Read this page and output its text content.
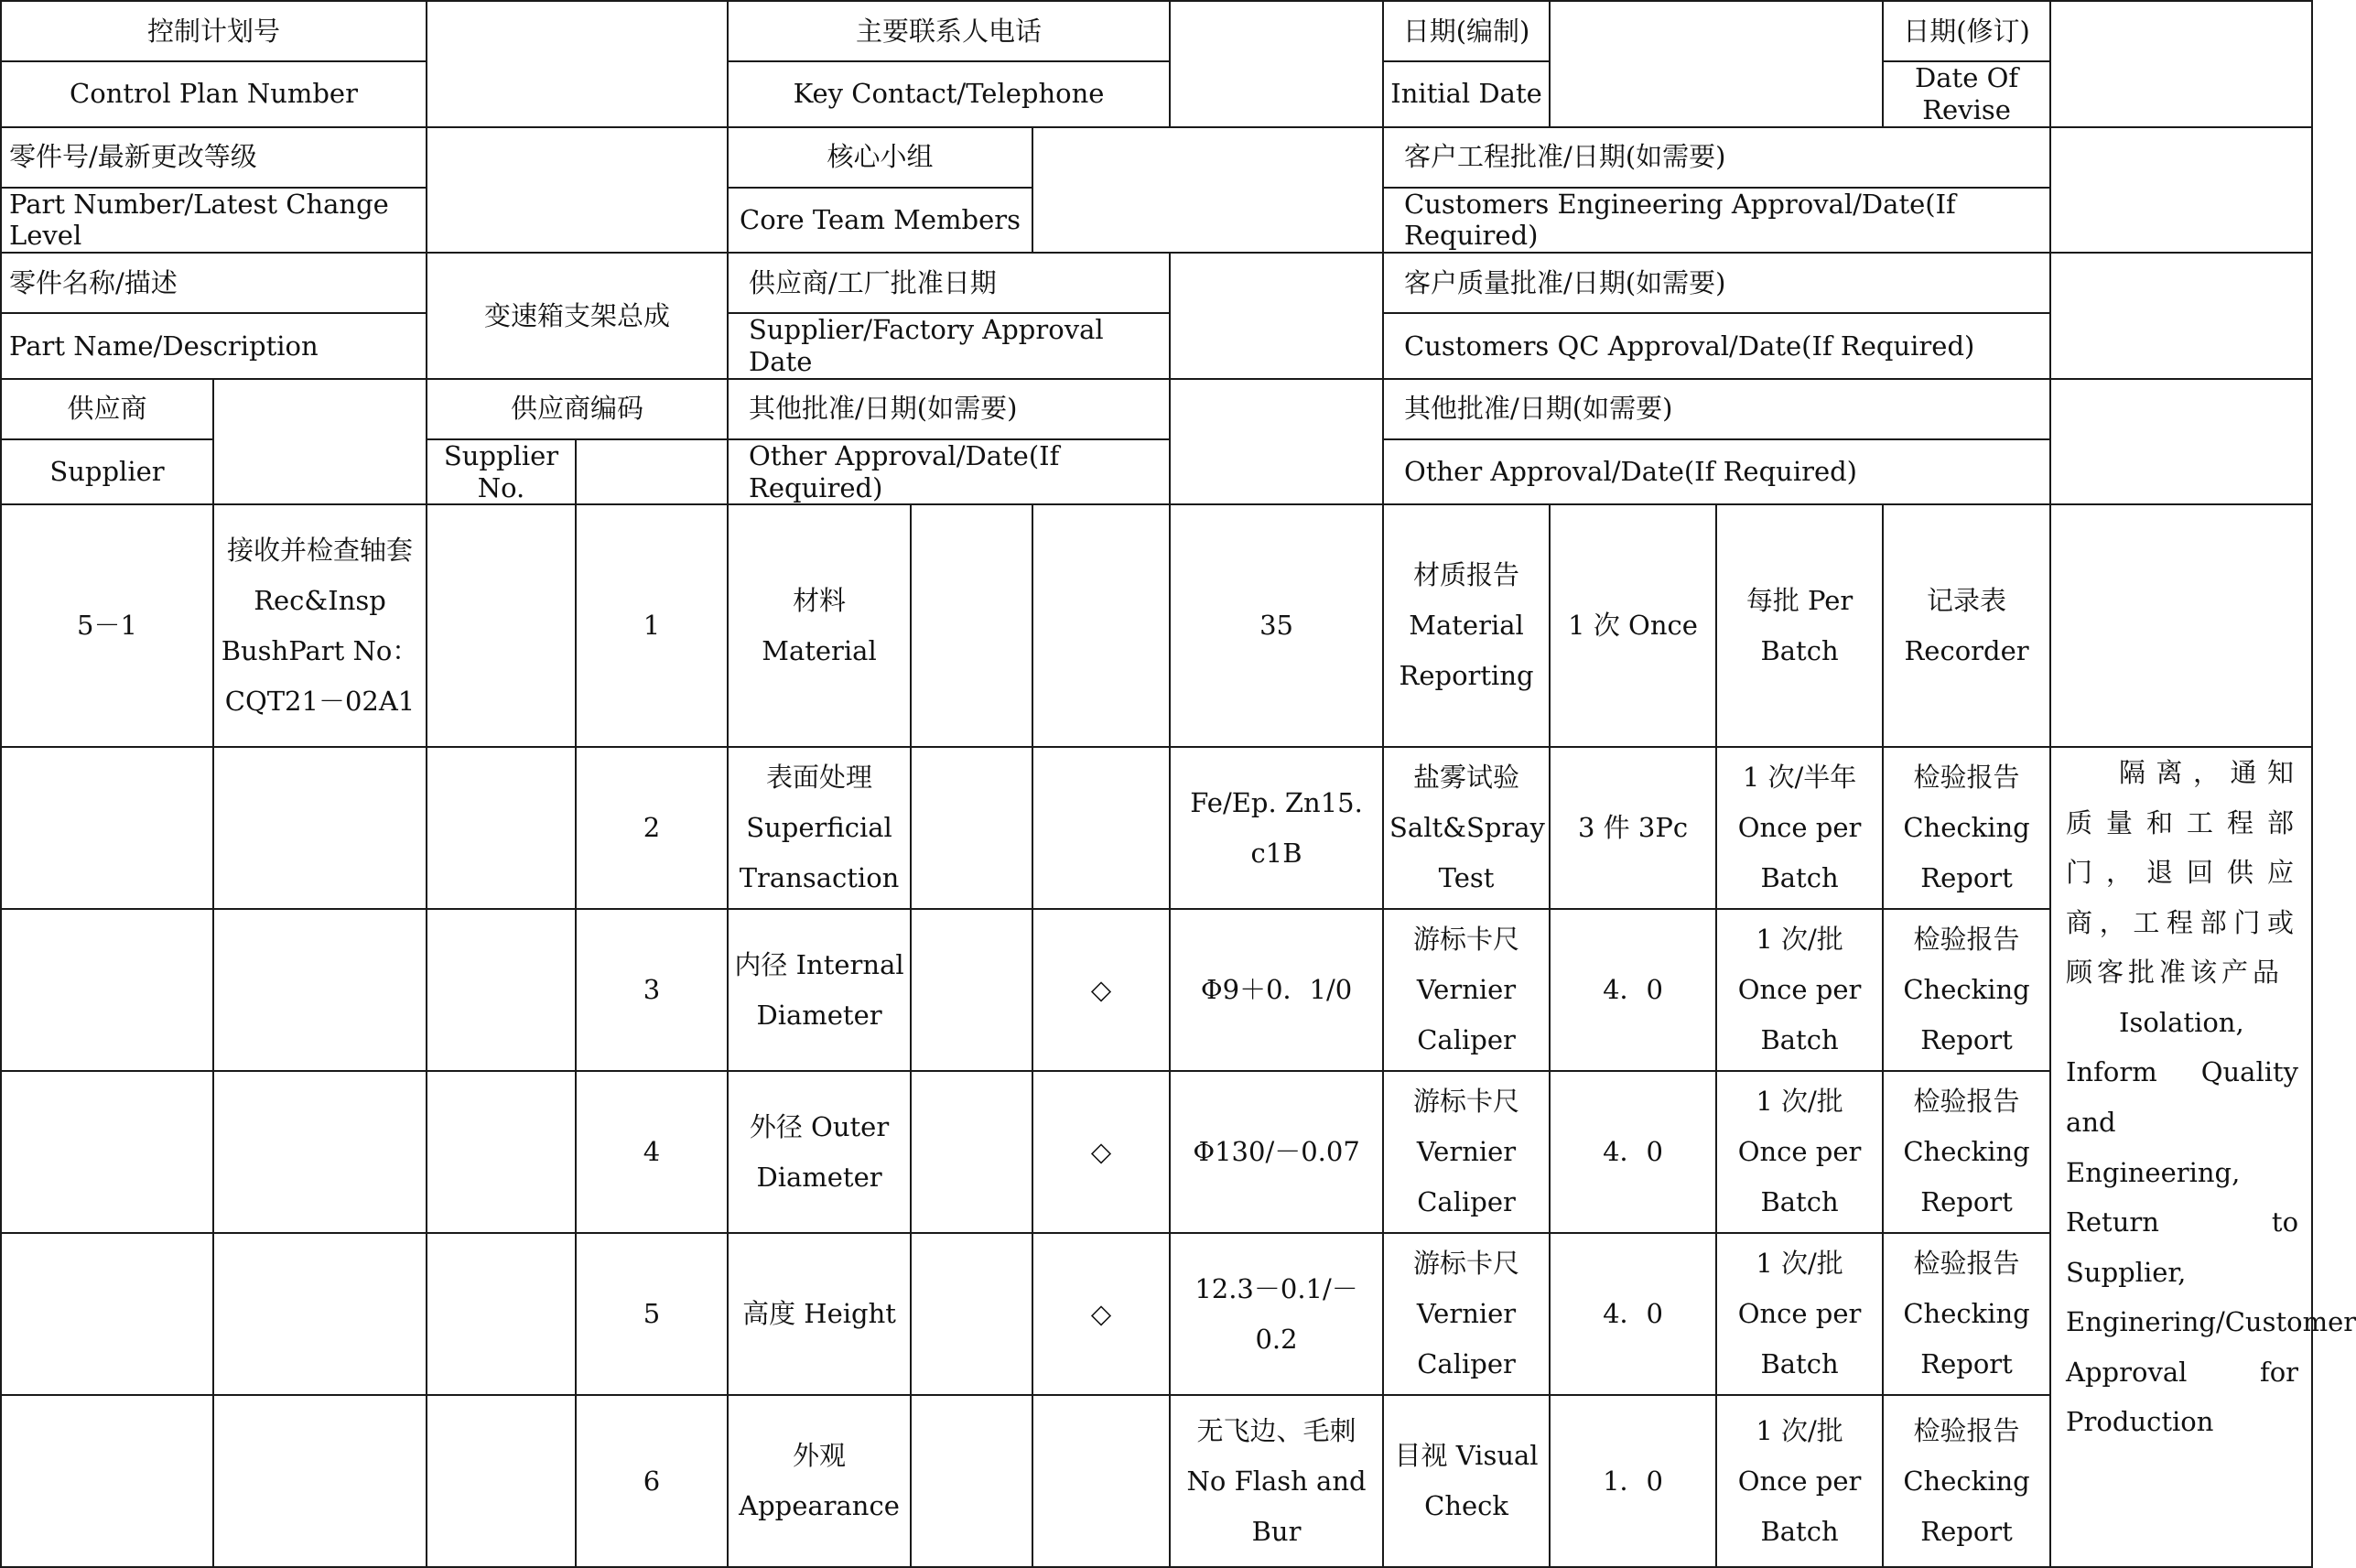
控制计划号				主要联系人电话				日期(编制)			日期(修订)	
Control Plan Number				Key Contact/Telephone				Initial Date			Date Of Revise	
零件号/最新更改等级				核心小组				客户工程批准/日期(如需要)				
Part Number/Latest Change Level				Core Team Members				Customers Engineering Approval/Date(If Required)				
零件名称/描述		变速箱支架总成		供应商/工厂批准日期				客户质量批准/日期(如需要)				
Part Name/Description				Supplier/Factory Approval Date				Customers QC Approval/Date(If Required)				
供应商		供应商编码		其他批准/日期(如需要)				其他批准/日期(如需要)				
Supplier		Supplier No.		Other Approval/Date(If Required)				Other Approval/Date(If Required)				
5－1	接收并检查轴套 Rec&Insp BushPart No：CQT21－02A1		1	材料 Material			35	材质报告 Material Reporting	1 次 Once	每批 Per Batch	记录表 Recorder	
			2	表面处理 Superficial Transaction			Fe/Ep. Zn15. c1B	盐雾试验 Salt&Spray Test	3 件 3Pc	1 次/半年 Once per Batch	检验报告 Checking Report	隔离，通知质量和工程部门，退回供应商，工程部门或顾客批准该产品
Isolation, Inform Quality and Engineering, Return to Supplier, Enginering/Customer Approval for Production

			3	内径 Internal Diameter		◇	Φ9＋0．1/0	游标卡尺 Vernier Caliper	4．0	1 次/批 Once per Batch	检验报告 Checking Report	
			4	外径 Outer Diameter		◇	Φ130/－0.07	游标卡尺 Vernier Caliper	4．0	1 次/批 Once per Batch	检验报告 Checking Report	
			5	高度 Height		◇	12.3－0.1/－0.2	游标卡尺 Vernier Caliper	4．0	1 次/批 Once per Batch	检验报告 Checking Report	
			6	外观 Appearance			无飞边、毛刺 No Flash and Bur	目视 Visual Check	1．0	1 次/批 Once per Batch	检验报告 Checking Report	
